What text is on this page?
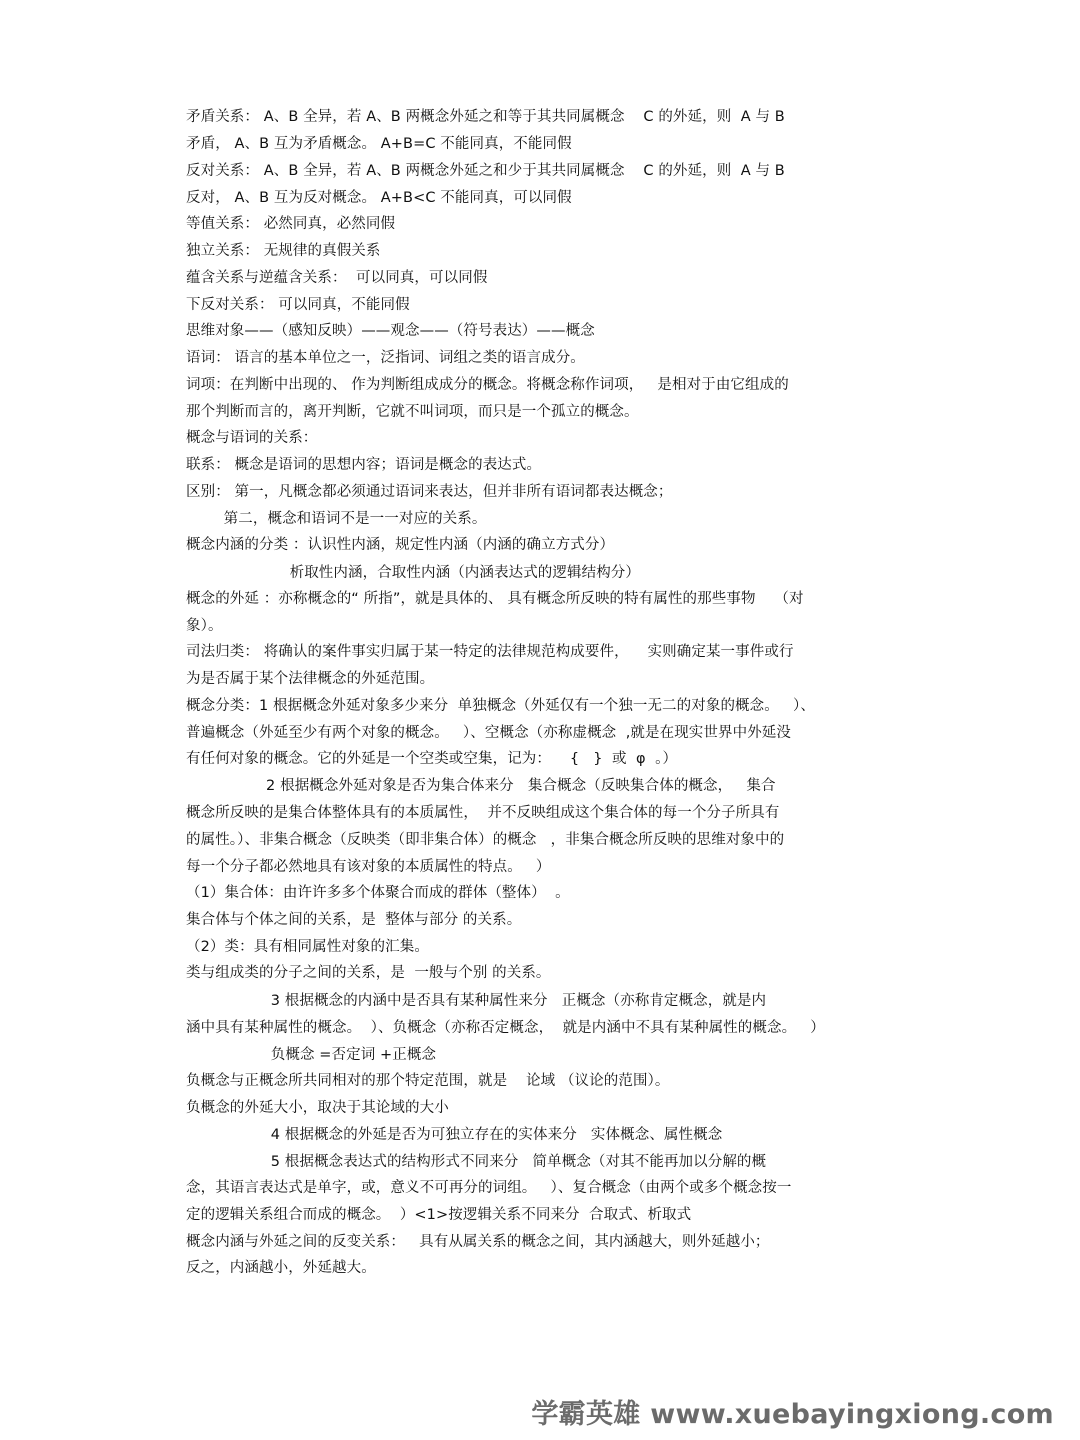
矛盾关系： A、B 全异，若 A、B 两概念外延之和等于其共同属概念    C 的外延，则  A 与 B
矛盾， A、B 互为矛盾概念。 A+B=C 不能同真，不能同假
反对关系： A、B 全异，若 A、B 两概念外延之和少于其共同属概念    C 的外延，则  A 与 B
反对， A、B 互为反对概念。 A+B<C 不能同真，可以同假
等值关系： 必然同真，必然同假
独立关系： 无规律的真假关系
蕴含关系与逆蕴含关系：  可以同真，可以同假
下反对关系： 可以同真，不能同假
思维对象——（感知反映）——观念——（符号表达）——概念
语词： 语言的基本单位之一，泛指词、词组之类的语言成分。
词项：在判断中出现的、 作为判断组成成分的概念。将概念称作词项，   是相对于由它组成的
那个判断而言的，离开判断，它就不叫词项，而只是一个孤立的概念。
概念与语词的关系：
联系： 概念是语词的思想内容；语词是概念的表达式。
区别： 第一，凡概念都必须通过语词来表达，但并非所有语词都表达概念；
第二，概念和语词不是一一对应的关系。
概念内涵的分类 ：认识性内涵，规定性内涵（内涵的确立方式分）
析取性内涵，合取性内涵（内涵表达式的逻辑结构分）
概念的外延 ：亦称概念的“ 所指”，就是具体的、 具有概念所反映的特有属性的那些事物    （对
象）。
司法归类： 将确认的案件事实归属于某一特定的法律规范构成要件，    实则确定某一事件或行
为是否属于某个法律概念的外延范围。
概念分类：1 根据概念外延对象多少来分  单独概念（外延仅有一个独一无二的对象的概念。   ）、
普遍概念（外延至少有两个对象的概念。   ）、空概念（亦称虚概念  ,就是在现实世界中外延没
有任何对象的概念。它的外延是一个空类或空集，记为：    {   }  或  φ  。）
2 根据概念外延对象是否为集合体来分   集合概念（反映集合体的概念，   集合
概念所反映的是集合体整体具有的本质属性，  并不反映组成这个集合体的每一个分子所具有
的属性。）、非集合概念（反映类（即非集合体）的概念   ，非集合概念所反映的思维对象中的
每一个分子都必然地具有该对象的本质属性的特点。   ）
（1）集合体：由许许多多个体聚合而成的群体（整体）  。
集合体与个体之间的关系，是  整体与部分 的关系。
（2）类：具有相同属性对象的汇集。
类与组成类的分子之间的关系，是  一般与个别 的关系。
3 根据概念的内涵中是否具有某种属性来分   正概念（亦称肯定概念，就是内
涵中具有某种属性的概念。  ）、负概念（亦称否定概念，  就是内涵中不具有某种属性的概念。   ）
负概念 =否定词 +正概念
负概念与正概念所共同相对的那个特定范围，就是    论域 （议论的范围）。
负概念的外延大小，取决于其论域的大小
4 根据概念的外延是否为可独立存在的实体来分   实体概念、属性概念
5 根据概念表达式的结构形式不同来分   简单概念（对其不能再加以分解的概
念，其语言表达式是单字，或，意义不可再分的词组。   ）、复合概念（由两个或多个概念按一
定的逻辑关系组合而成的概念。  ）<1>按逻辑关系不同来分  合取式、析取式
概念内涵与外延之间的反变关系：   具有从属关系的概念之间，其内涵越大，则外延越小；
反之，内涵越小，外延越大。
学霸英雄 www.xuebayingxiong.com
